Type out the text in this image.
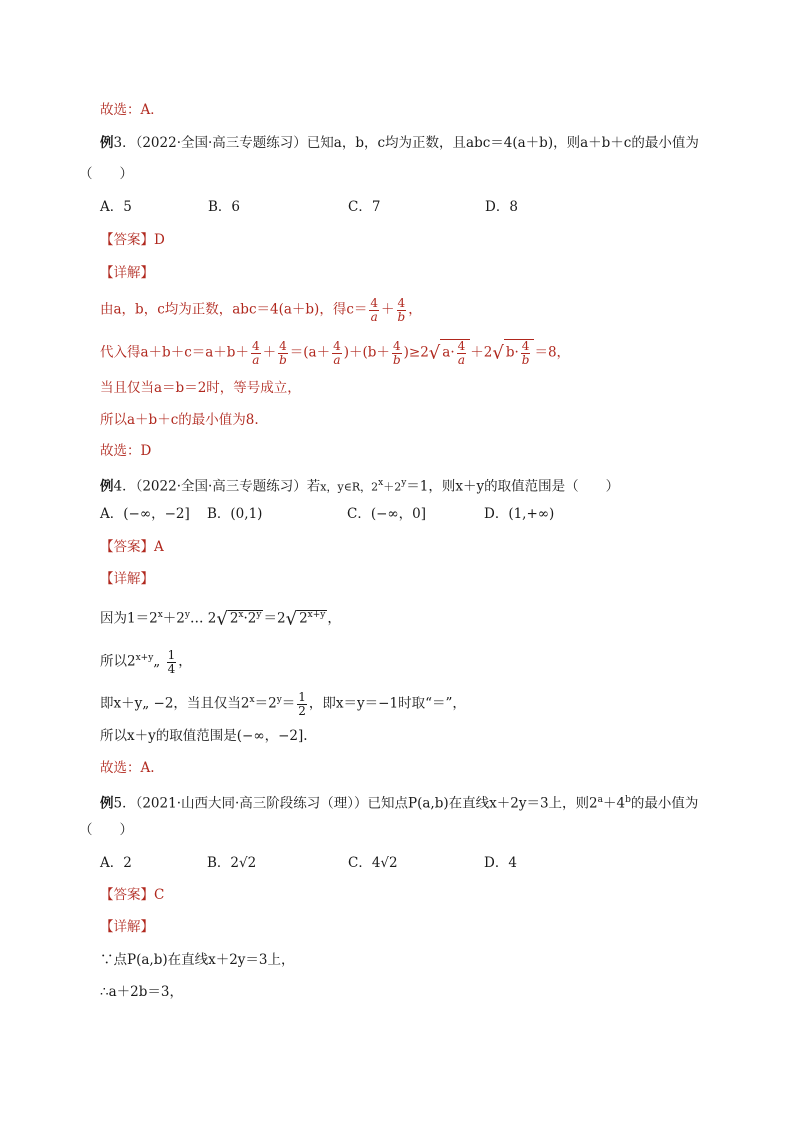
故选：A．
例3．（2022·全国·高三专题练习）已知a，b，c均为正数，且abc＝4(a＋b)，则a＋b＋c的最小值为
（　　）
A．5	B．6	C．7	D．8
【答案】D
【详解】
由a，b，c均为正数，abc＝4(a＋b)，得$c= \frac{4}{a} + \frac{4}{b}$ ，
代入得$a+b+c=a+b+ \frac{4}{a} + \frac{4}{b} =(a+ \frac{4}{a} )+(b+ \frac{4}{b} )\ge 2√$ $a\cdot \frac{4}{a} +2√$ $b\cdot \frac{4}{b} =8$，
当且仅当a＝b＝2时，等号成立，
所以a＋b＋c的最小值为8.
故选：D
例4．（2022·全国·高三专题练习）若x，y∈R，$2^x+2^y=1$，则x＋y的取值范围是（　　）
A．(−∞，−2] B．(0,1)	C．(−∞，0]	D．(1,+∞)
【答案】A
【详解】
因为$1=2^x+2^y\dots$ 2√ $2^x\cdot 2^y =2√$ $2^{x+y}$ ，
所以$2^{x+y}„ \frac{1}{4}$ ，
即x＋y„ −2，当且仅当$2^x=2^y= \frac{1}{2}$ ，即x＝y＝−1时取“＝”，
所以x＋y的取值范围是(−∞，−2].
故选：A.
例5．（2021·山西大同·高三阶段练习（理））已知点P(a,b)在直线x＋2y＝3上，则$2^a+4^b$的最小值为
（　　）
A．2	B．2√2	C．4√2	D．4
【答案】C
【详解】
∵点P(a,b)在直线x＋2y＝3上，
∴a＋2b＝3，
